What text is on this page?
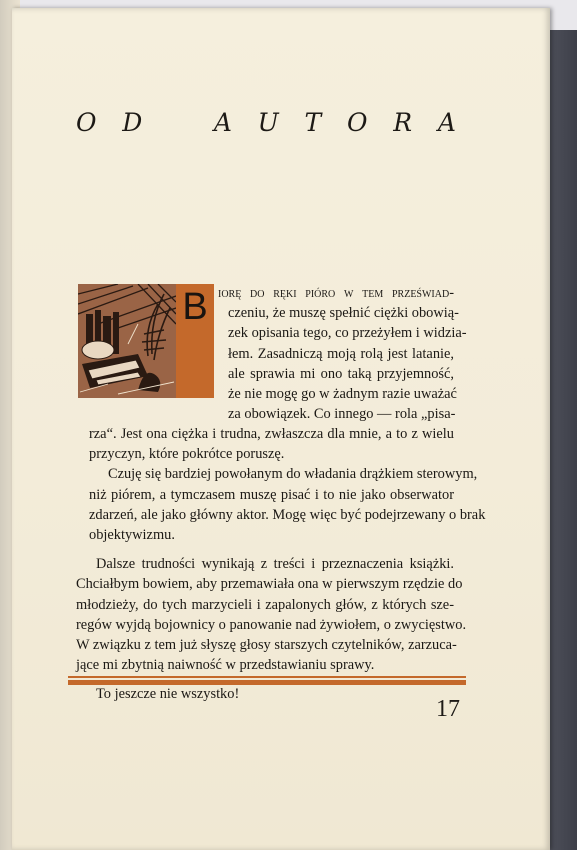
O D	A U T O R A
B iorę do ręki pióro w tem przeświad-
czeniu, że muszę spełnić ciężki obowią-
zek opisania tego, co przeżyłem i widzia-
łem. Zasadniczą moją rolą jest latanie,
ale sprawia mi ono taką przyjemność,
że nie mogę go w żadnym razie uważać
za obowiązek. Co innego — rola „pisa-
rza“. Jest ona ciężka i trudna, zwłaszcza dla mnie, a to z wielu
przyczyn, które pokrótce poruszę.
Czuję się bardziej powołanym do władania drążkiem sterowym,
niż piórem, a tymczasem muszę pisać i to nie jako obserwator
zdarzeń, ale jako główny aktor. Mogę więc być podejrzewany o brak
objektywizmu.
Dalsze trudności wynikają z treści i przeznaczenia książki.
Chciałbym bowiem, aby przemawiała ona w pierwszym rzędzie do
młodzieży, do tych marzycieli i zapalonych głów, z których sze-
regów wyjdą bojownicy o panowanie nad żywiołem, o zwycięstwo.
W związku z tem już słyszę głosy starszych czytelników, zarzuca-
jące mi zbytnią naiwność w przedstawianiu sprawy.
To jeszcze nie wszystko!
17
